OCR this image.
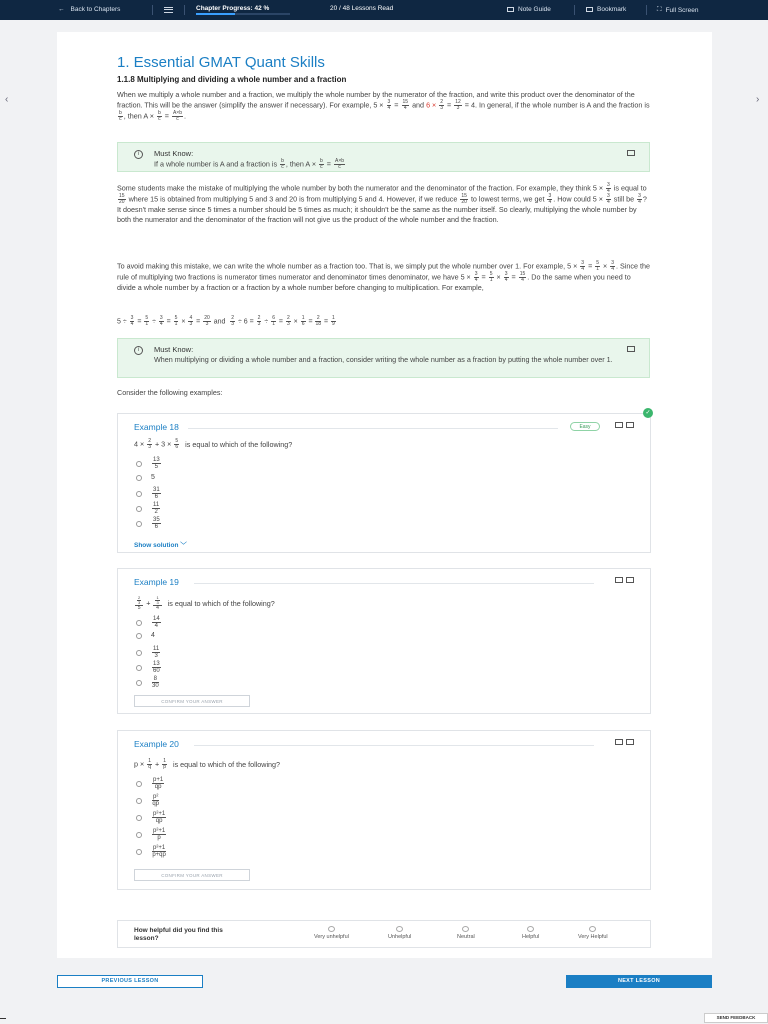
← Back to Chapters	Chapter Progress: 42 %	20 / 48 Lessons Read	Note Guide	Bookmark	⛶ Full Screen
‹	›
1. Essential GMAT Quant Skills
1.1.8 Multiplying and dividing a whole number and a fraction
When we multiply a whole number and a fraction, we multiply the whole number by the numerator of the fraction, and write this product over the denominator of the fraction. This will be the answer (simplify the answer if necessary). For example, $5 \times \frac{3}{4} = \frac{15}{4}$ and $6 \times \frac{2}{3} = \frac{12}{3} = 4$. In general, if the whole number is A and the fraction is
$\frac{b}{c}$ , then $A \times \frac{b}{c} = \frac{A\times b}{c}$ .
i	Must Know:
If a whole number is A and a fraction is $\frac{b}{c}$ , then $A \times \frac{b}{c} = \frac{A\times b}{c}$
Some students make the mistake of multiplying the whole number by both the numerator and the denominator of the fraction. For example, they think $5 \times \frac{3}{4}$ is equal to
$\frac{15}{20}$ where 15 is obtained from multiplying 5 and 3 and 20 is from multiplying 5 and 4. However, if we reduce $\frac{15}{20}$ to lowest terms, we get $\frac{3}{4}$ . How could $5 \times \frac{3}{4}$ still be $\frac{3}{4}$ ? It doesn't make sense since 5 times a number should be 5 times as much; it shouldn't be the same as the number itself. So clearly, multiplying the whole number by both the numerator and the denominator of the fraction will not give us the product of the whole number and the fraction.
To avoid making this mistake, we can write the whole number as a fraction too. That is, we simply put the whole number over 1. For example, $5 \times \frac{3}{4} = \frac{5}{1} \times \frac{3}{4}$ . Since the rule of multiplying two fractions is numerator times numerator and denominator times denominator, we have $5 \times \frac{3}{4} = \frac{5}{1} \times \frac{3}{4} = \frac{15}{4}$ . Do the same when you need to divide a whole number by a fraction or a fraction by a whole number before changing to multiplication. For example,
$5 \div \frac{3}{4} = \frac{5}{1} \div \frac{3}{4} = \frac{5}{1} \times \frac{4}{3} = \frac{20}{3}$ and $\frac{2}{3} \div 6 = \frac{2}{3} \div \frac{6}{1} = \frac{2}{3} \times \frac{1}{6} = \frac{2}{18} = \frac{1}{9}$
i	Must Know:
When multiplying or dividing a whole number and a fraction, consider writing the whole number as a fraction by putting the whole number over 1.
Consider the following examples:
Example 18	Easy
$4 \times \frac{2}{3} + 3 \times \frac{5}{6}$ is equal to which of the following?
$\frac{13}{5}$
5
$\frac{31}{6}$
$\frac{11}{2}$
$\frac{35}{6}$
Show solution ﹀
✓
Example 19
$\frac{\frac{2}{3}}{5} + \frac{\frac{1}{3}}{4}$ is equal to which of the following?
$\frac{14}{4}$
4
$\frac{11}{3}$
$\frac{13}{60}$
$\frac{8}{30}$
CONFIRM YOUR ANSWER
Example 20
$p \times \frac{1}{q} + \frac{1}{p}$ is equal to which of the following?
$\frac{p+1}{qp}$
$\frac{\text{p²}}{qp}$
$\frac{\text{p²+1}}{qp}$
$\frac{\text{p²+1}}{p}$
$\frac{\text{p²+1}}{p+qp}$
CONFIRM YOUR ANSWER
How helpful did you find this lesson?	Very unhelpful	Unhelpful	Neutral	Helpful	Very Helpful
PREVIOUS LESSON	NEXT LESSON
SEND FEEDBACK
